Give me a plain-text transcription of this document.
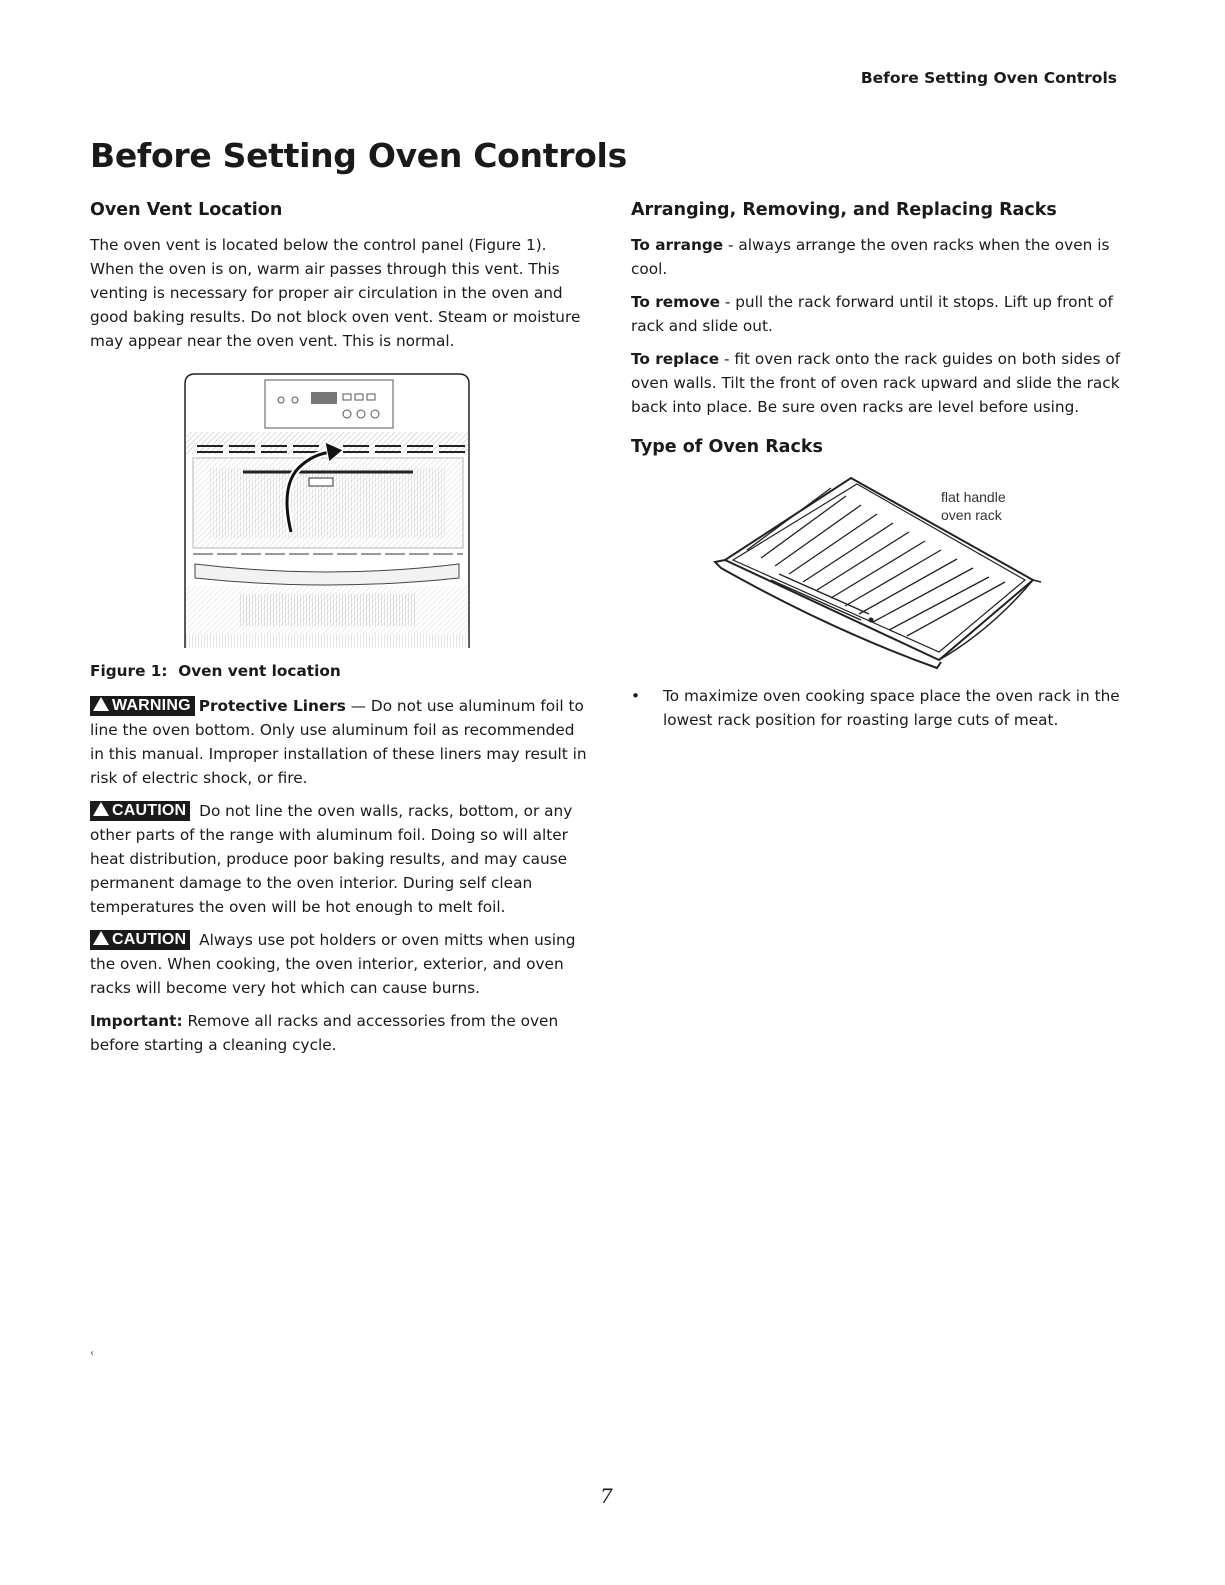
Before Setting Oven Controls
Before Setting Oven Controls
Oven Vent Location

The oven vent is located below the control panel (Figure 1). When the oven is on, warm air passes through this vent. This venting is necessary for proper air circulation in the oven and good baking results. Do not block oven vent. Steam or moisture may appear near the oven vent. This is normal.

Figure 1: Oven vent location

WARNING Protective Liners — Do not use aluminum foil to line the oven bottom. Only use aluminum foil as recommended in this manual. Improper installation of these liners may result in risk of electric shock, or fire.

CAUTION Do not line the oven walls, racks, bottom, or any other parts of the range with aluminum foil. Doing so will alter heat distribution, produce poor baking results, and may cause permanent damage to the oven interior. During self clean temperatures the oven will be hot enough to melt foil.

CAUTION Always use pot holders or oven mitts when using the oven. When cooking, the oven interior, exterior, and oven racks will become very hot which can cause burns.

Important: Remove all racks and accessories from the oven before starting a cleaning cycle.

Arranging, Removing, and Replacing Racks

To arrange - always arrange the oven racks when the oven is cool.

To remove - pull the rack forward until it stops. Lift up front of rack and slide out.

To replace - fit oven rack onto the rack guides on both sides of oven walls. Tilt the front of oven rack upward and slide the rack back into place. Be sure oven racks are level before using.

Type of Oven Racks
flat handle
oven rack
• To maximize oven cooking space place the oven rack in the lowest rack position for roasting large cuts of meat.
‹
7
